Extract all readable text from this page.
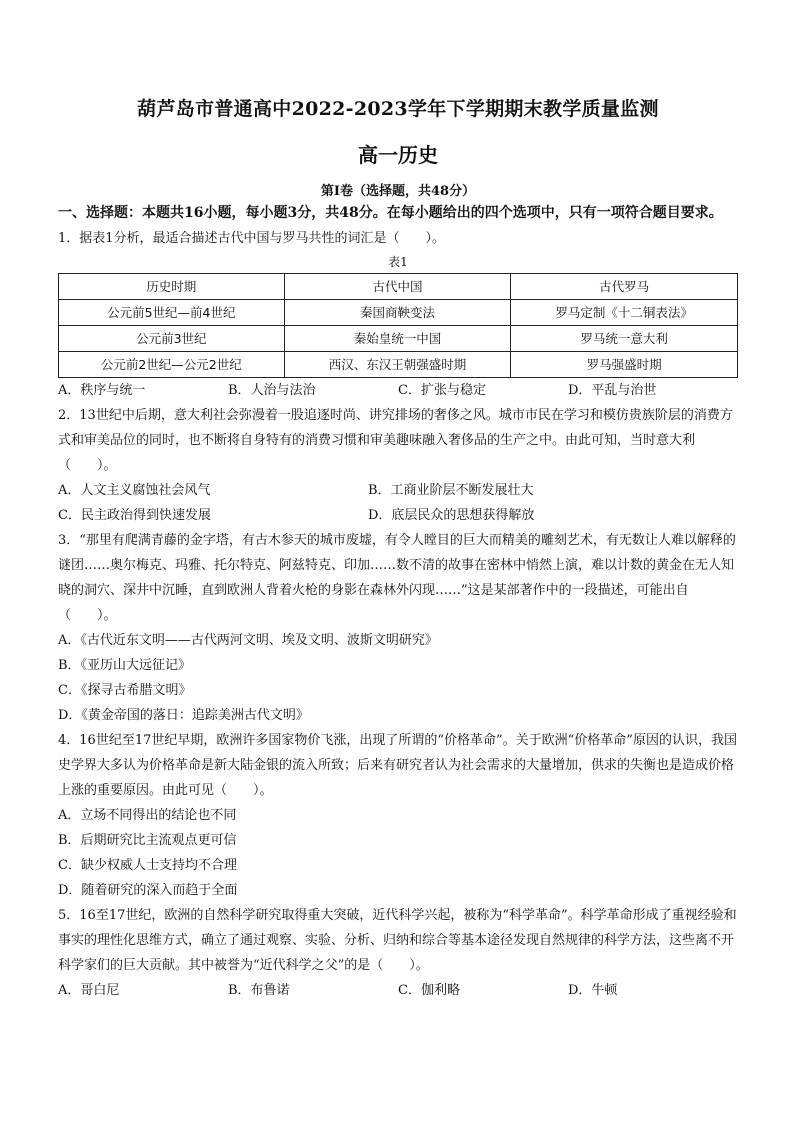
葫芦岛市普通高中2022-2023学年下学期期末教学质量监测
高一历史
第Ⅰ卷（选择题，共48分）

一、选择题：本题共16小题，每小题3分，共48分。在每小题给出的四个选项中，只有一项符合题目要求。

1．据表1分析，最适合描述古代中国与罗马共性的词汇是（　　）。

表1

历史时期	古代中国	古代罗马
公元前5世纪—前4世纪	秦国商鞅变法	罗马定制《十二铜表法》
公元前3世纪	秦始皇统一中国	罗马统一意大利
公元前2世纪—公元2世纪	西汉、东汉王朝强盛时期	罗马强盛时期
A．秩序与统一	B．人治与法治	C．扩张与稳定	D．平乱与治世

2．13世纪中后期，意大利社会弥漫着一股追逐时尚、讲究排场的奢侈之风。城市市民在学习和模仿贵族阶层的消费方式和审美品位的同时，也不断将自身特有的消费习惯和审美趣味融入奢侈品的生产之中。由此可知，当时意大利（　　）。

A．人文主义腐蚀社会风气	B．工商业阶层不断发展壮大
C．民主政治得到快速发展	D．底层民众的思想获得解放

3．“那里有爬满青藤的金字塔，有古木参天的城市废墟，有令人瞠目的巨大而精美的雕刻艺术，有无数让人难以解释的谜团……奥尔梅克、玛雅、托尔特克、阿兹特克、印加……数不清的故事在密林中悄然上演，难以计数的黄金在无人知晓的洞穴、深井中沉睡，直到欧洲人背着火枪的身影在森林外闪现……”这是某部著作中的一段描述，可能出自（　　）。

A．《古代近东文明——古代两河文明、埃及文明、波斯文明研究》
B．《亚历山大远征记》
C．《探寻古希腊文明》
D．《黄金帝国的落日：追踪美洲古代文明》

4．16世纪至17世纪早期，欧洲许多国家物价飞涨，出现了所谓的“价格革命”。关于欧洲“价格革命”原因的认识，我国史学界大多认为价格革命是新大陆金银的流入所致；后来有研究者认为社会需求的大量增加，供求的失衡也是造成价格上涨的重要原因。由此可见（　　）。

A．立场不同得出的结论也不同
B．后期研究比主流观点更可信
C．缺少权威人士支持均不合理
D．随着研究的深入而趋于全面

5．16至17世纪，欧洲的自然科学研究取得重大突破，近代科学兴起，被称为“科学革命”。科学革命形成了重视经验和事实的理性化思维方式，确立了通过观察、实验、分析、归纳和综合等基本途径发现自然规律的科学方法，这些离不开科学家们的巨大贡献。其中被誉为“近代科学之父”的是（　　）。

A．哥白尼	B．布鲁诺	C．伽利略	D．牛顿
